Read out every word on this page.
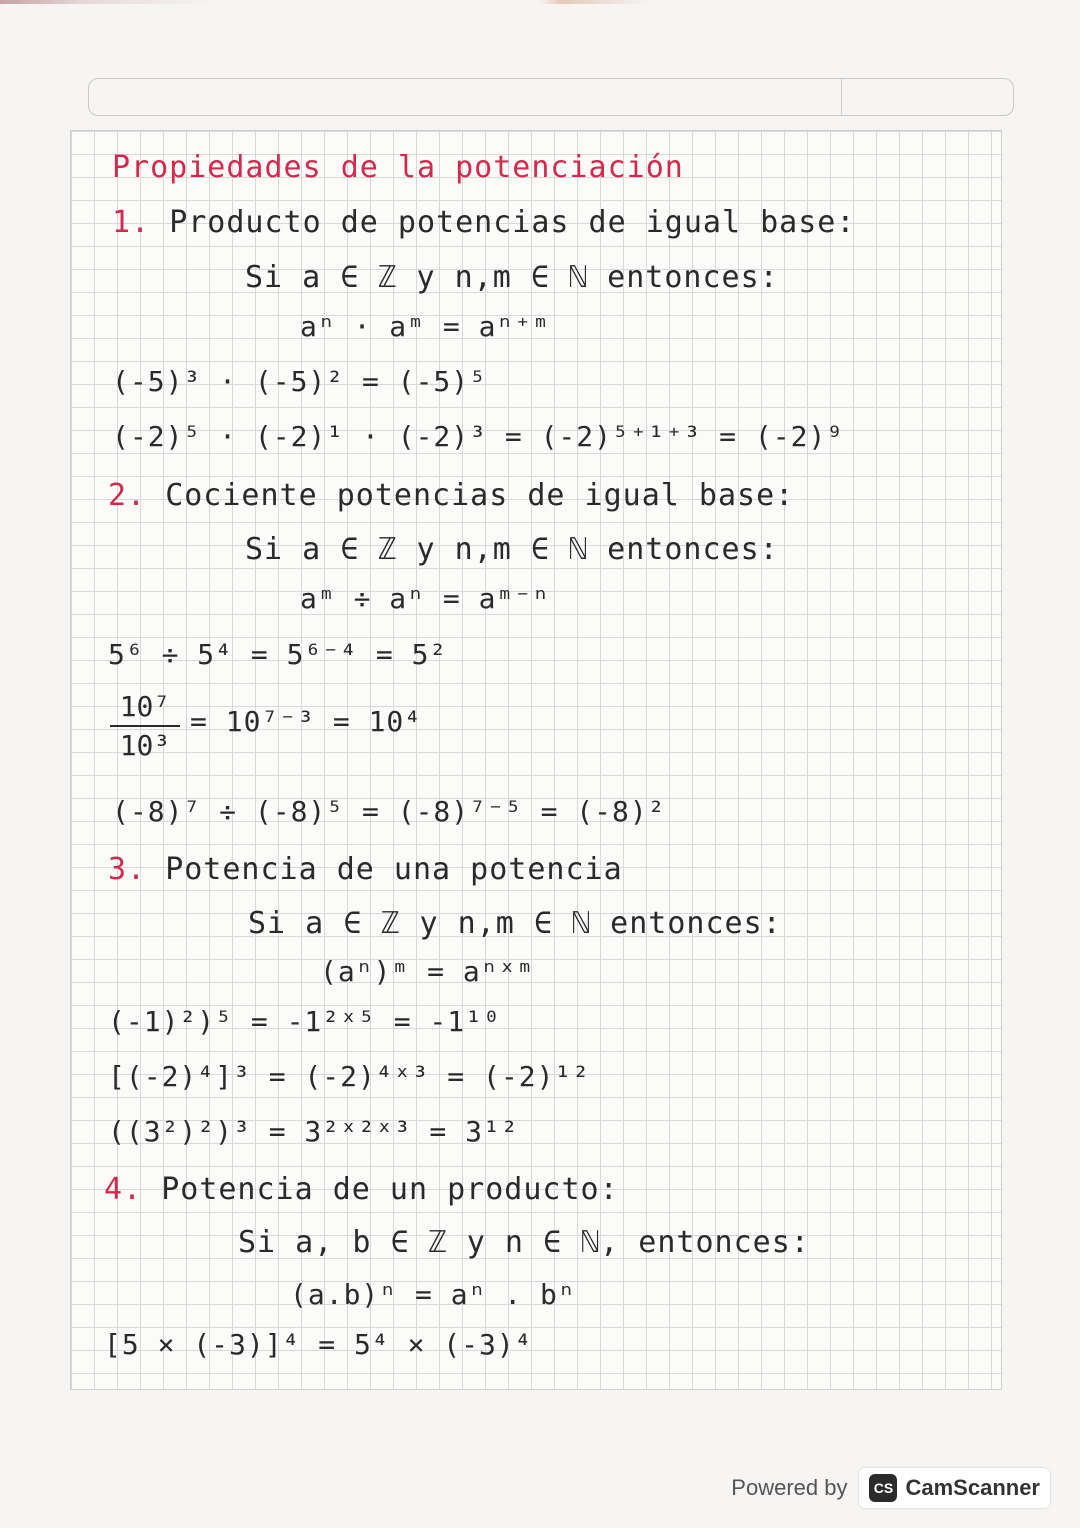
Propiedades de la potenciación
1. Producto de potencias de igual base:
Si a ∈ ℤ y n,m ∈ ℕ entonces:
aⁿ · aᵐ = aⁿ⁺ᵐ
(-5)³ · (-5)² = (-5)⁵
(-2)⁵ · (-2)¹ · (-2)³ = (-2)⁵⁺¹⁺³ = (-2)⁹
2. Cociente potencias de igual base:
Si a ∈ ℤ y n,m ∈ ℕ entonces:
aᵐ ÷ aⁿ = aᵐ⁻ⁿ
5⁶ ÷ 5⁴ = 5⁶⁻⁴ = 5²
10⁷
10³
= 10⁷⁻³ = 10⁴
(-8)⁷ ÷ (-8)⁵ = (-8)⁷⁻⁵ = (-8)²
3. Potencia de una potencia
Si a ∈ ℤ y n,m ∈ ℕ entonces:
(aⁿ)ᵐ = aⁿˣᵐ
(-1)²)⁵ = -1²ˣ⁵ = -1¹⁰
[(-2)⁴]³ = (-2)⁴ˣ³ = (-2)¹²
((3²)²)³ = 3²ˣ²ˣ³ = 3¹²
4. Potencia de un producto:
Si a, b ∈ ℤ y n ∈ ℕ, entonces:
(a.b)ⁿ = aⁿ . bⁿ
[5 × (-3)]⁴ = 5⁴ × (-3)⁴
Powered by	CS CamScanner
